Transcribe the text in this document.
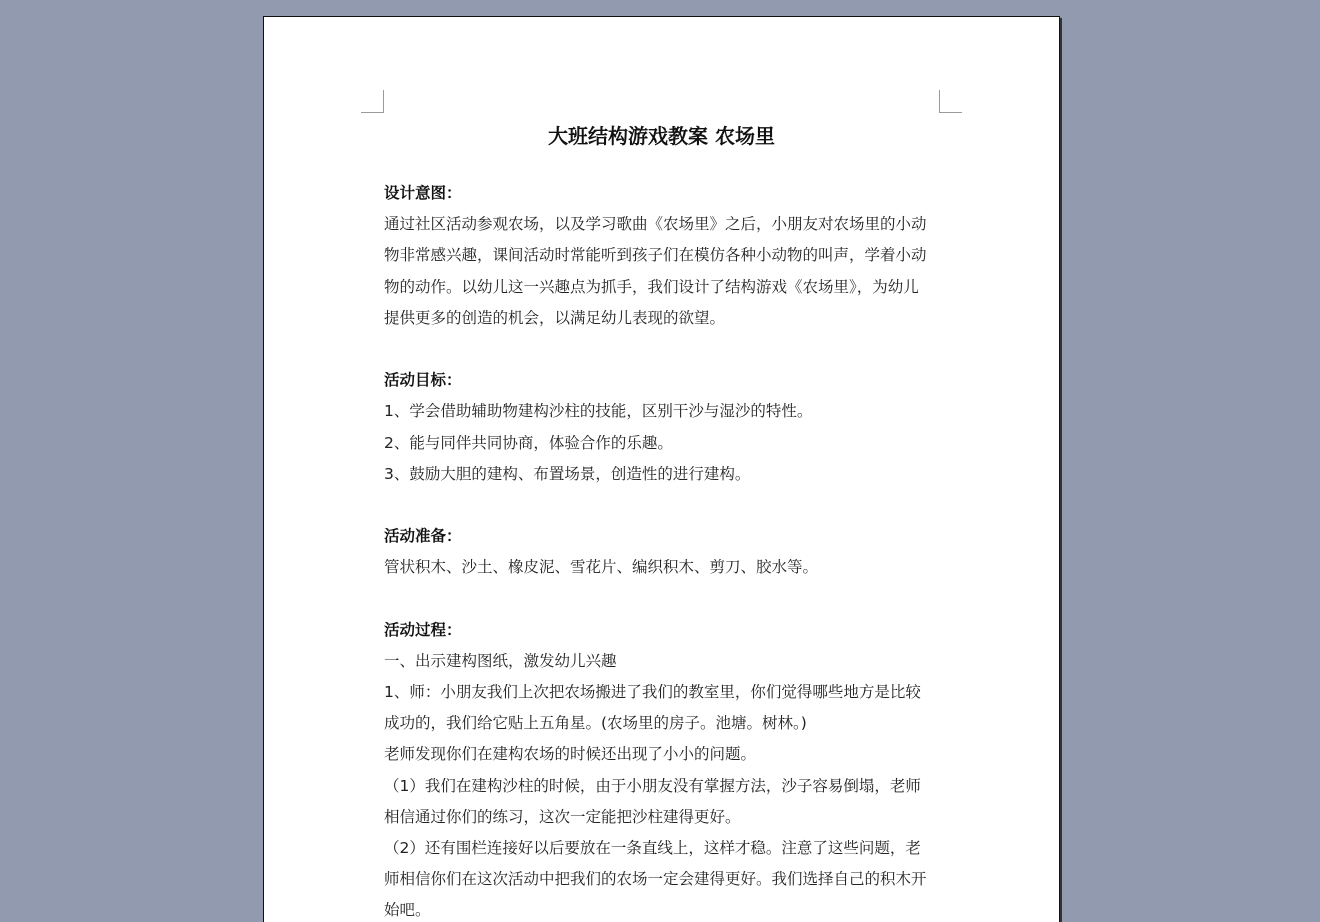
大班结构游戏教案 农场里
设计意图：
通过社区活动参观农场，以及学习歌曲《农场里》之后，小朋友对农场里的小动
物非常感兴趣，课间活动时常能听到孩子们在模仿各种小动物的叫声，学着小动
物的动作。以幼儿这一兴趣点为抓手，我们设计了结构游戏《农场里》，为幼儿
提供更多的创造的机会，以满足幼儿表现的欲望。
活动目标：
1、学会借助辅助物建构沙柱的技能，区别干沙与湿沙的特性。
2、能与同伴共同协商，体验合作的乐趣。
3、鼓励大胆的建构、布置场景，创造性的进行建构。
活动准备：
管状积木、沙土、橡皮泥、雪花片、编织积木、剪刀、胶水等。
活动过程：
一、出示建构图纸，激发幼儿兴趣
1、师：小朋友我们上次把农场搬进了我们的教室里，你们觉得哪些地方是比较
成功的，我们给它贴上五角星。(农场里的房子。池塘。树林。)
老师发现你们在建构农场的时候还出现了小小的问题。
（1）我们在建构沙柱的时候，由于小朋友没有掌握方法，沙子容易倒塌，老师
相信通过你们的练习，这次一定能把沙柱建得更好。
（2）还有围栏连接好以后要放在一条直线上，这样才稳。注意了这些问题，老
师相信你们在这次活动中把我们的农场一定会建得更好。我们选择自己的积木开
始吧。
